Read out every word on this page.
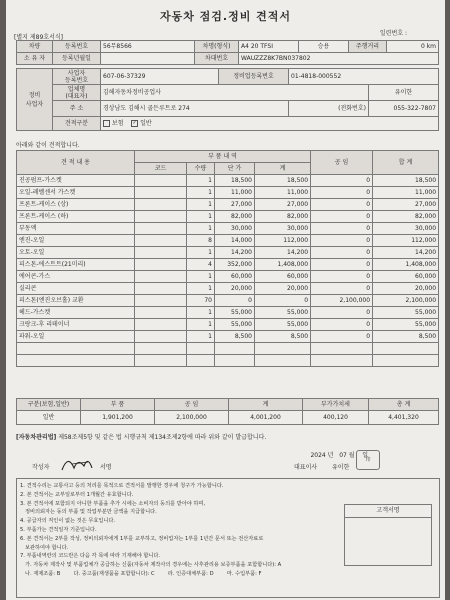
자동차 점검.정비 견적서
[별지 제89호서식]
일련번호 :
차량	등록번호	56무8566	차명(형식)	A4 20 TFSI	승용	주행거리	0 km
소 유 자	등록년월일		차대번호	WAUZZZ8K7BN037802			
정비
사업자	사업자
등록번호	607-06-37329	정비업등록번호	01-4818-000552	
	업체명
(대표자)	김해자동차정비공업사			유이한
	주 소	경상남도 김해시 골든루트로 274		(전화번호)	055-322-7807
	견적구분	보험 ✓ 일반			
아래와 같이 견적합니다.
견 적 내 용	부 품 내 역				공 임	합 계
	코드	수량	단 가	계		
진공펌프-가스켓		1	18,500	18,500	0	18,500
오일-레벨센서 가스켓		1	11,000	11,000	0	11,000
프론트-케이스 (상)		1	27,000	27,000	0	27,000
프론트-케이스 (하)		1	82,000	82,000	0	82,000
부동액		1	30,000	30,000	0	30,000
엔진-오일		8	14,000	112,000	0	112,000
오토-오일		1	14,200	14,200	0	14,200
피스톤-에스트트(21미리)		4	352,000	1,408,000	0	1,408,000
에어콘-가스		1	60,000	60,000	0	60,000
실리콘		1	20,000	20,000	0	20,000
피스톤(엔진오브홀) 교환		70	0	0	2,100,000	2,100,000
헤드-가스켓		1	55,000	55,000	0	55,000
크랑크-후 리테이너		1	55,000	55,000	0	55,000
파워-오일		1	8,500	8,500	0	8,500

구분(보험,일반)	부 품	공 임	계	부가가치세	총 계
일반	1,901,200	2,100,000	4,001,200	400,120	4,401,320
[자동차관리법] 제58조제5항 및 같은 법 시행규칙 제134조제2항에 따라 위와 같이 발급합니다.
2024 년 07 월 일
작성자	서명	대표이사 유이한
印
1. 견적수리는 교통사고 등의 처리를 목적으로 견적서를 발행한 경우에 청구가 가능합니다.
2. 본 견적서는 교부일로부터 1개월간 유효합니다.
3. 본 견적서에 포함되지 아니한 부품을 추가 시에는 소비자의 동의를 받아야 하며,
정비의뢰자는 동의 부품 및 작업부분만 금액을 지급합니다.
4. 공급자의 직인이 없는 것은 무효입니다.
5. 부품가는 견적일자 기준입니다.
6. 본 견적서는 2부를 작성, 정비의뢰자에게 1부를 교부하고, 정비업자는 1부를 1년간 문서 또는 전산자료로
보관하여야 합니다.
7. 부품내역란의 코드란은 다음 각 목에 따라 기재해야 합니다.
가. 자동차 제작사 및 부품업체가 공급하는 신품(자동차 제작사의 경우에는 사후관리용 보증부품을 포함합니다): A
나. 재제조품: B        다. 중고품(재생품을 포함합니다): C        라. 인증대체부품: D        마. 수입부품: F
고객서명
